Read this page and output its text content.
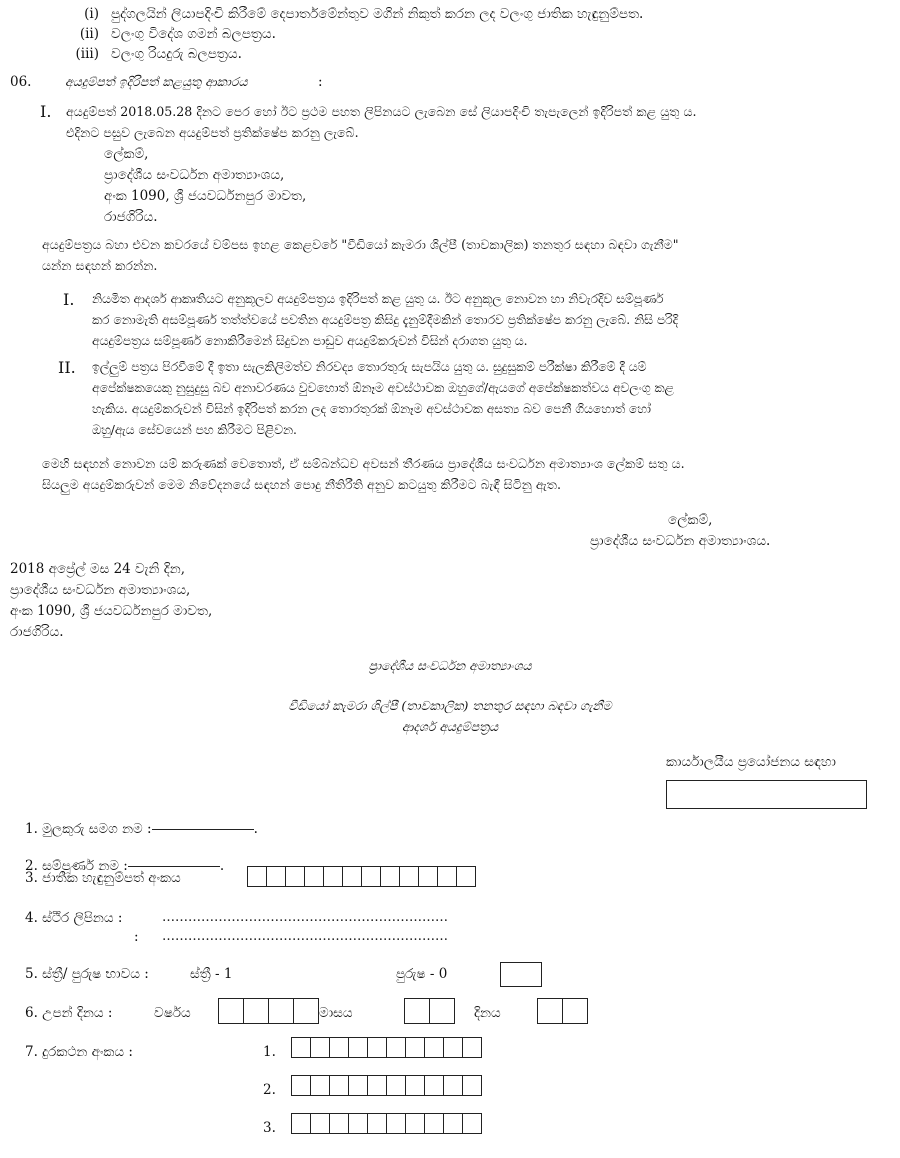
(i) පුද්ගලයින් ලියාපදිංචි කිරීමේ දෙපාර්තමේන්තුව මගින් නිකුත් කරන ලද වලංගු ජාතික හැඳුනුම්පත.
(ii) වලංගු විදේශ ගමන් බලපත්‍රය.
(iii) වලංගු රියදුරු බලපත්‍රය.
06.	අයදුම්පත් ඉදිරිපත් කළයුතු ආකාරය	:
I. අයදුම්පත් 2018.05.28 දිනට පෙර හෝ ඊට ප්‍රථම පහත ලිපිනයට ලැබෙන සේ ලියාපදිංචි තැපැලෙන් ඉදිරිපත් කළ යුතු ය.
එදිනට පසුව ලැබෙන අයදුම්පත් ප්‍රතික්ෂේප කරනු ලැබේ.
ලේකම්,
ප්‍රාදේශීය සංවර්ධන අමාත්‍යාංශය,
අංක 1090, ශ්‍රී ජයවර්ධනපුර මාවත,
රාජගිරිය.
අයදුම්පත්‍රය බහා එවන කවරයේ වම්පස ඉහළ කෙළවරේ "වීඩියෝ කැමරා ශිල්පී (තාවකාලික) තනතුර සඳහා බඳවා ගැනීම"
යන්න සඳහන් කරන්න.
I. නියමිත ආදර්ශ ආකෘතියට අනුකූලව අයදුම්පත්‍රය ඉදිරිපත් කළ යුතු ය. ඊට අනුකූල නොවන හා නිවැරදිව සම්පූර්ණ
කර නොමැති අසම්පූර්ණ තත්ත්වයේ පවතින අයදුම්පත්‍ර කිසිදු දැනුම්දීමකින් තොරව ප්‍රතික්ෂේප කරනු ලැබේ. නිසි පරිදි
අයදුම්පත්‍රය සම්පූර්ණ නොකිරීමෙන් සිදුවන පාඩුව අයදුම්කරුවන් විසින් දරාගත යුතු ය.
II. ඉල්ලුම් පත්‍රය පිරවීමේ දී ඉතා සැලකිලිමත්ව නිරවද්‍ය තොරතුරු සැපයිය යුතු ය. සුදුසුකම් පරීක්ෂා කිරීමේ දී යම්
අපේක්ෂකයෙකු නුසුදුසු බව අනාවරණය වුවහොත් ඕනෑම අවස්ථාවක ඔහුගේ/ඇයගේ අපේක්ෂකත්වය අවලංගු කළ
හැකිය. අයදුම්කරුවන් විසින් ඉදිරිපත් කරන ලද තොරතුරක් ඕනෑම අවස්ථාවක අසත්‍ය බව පෙනී ගියහොත් හෝ
ඔහු/ඇය සේවයෙන් පහ කිරීමට පිළිවන.
මෙහි සඳහන් නොවන යම් කරුණක් වෙතොත්, ඒ සම්බන්ධව අවසන් තීරණය ප්‍රාදේශීය සංවර්ධන අමාත්‍යාංශ ලේකම් සතු ය.
සියලුම අයදුම්කරුවන් මෙම නිවේදනයේ සඳහන් පොදු නීතිරීති අනුව කටයුතු කිරීමට බැඳී සිටිනු ඇත.
ලේකම්,
ප්‍රාදේශීය සංවර්ධන අමාත්‍යාංශය.
2018 අප්‍රේල් මස 24 වැනි දින,
ප්‍රාදේශීය සංවර්ධන අමාත්‍යාංශය,
අංක 1090, ශ්‍රී ජයවර්ධනපුර මාවත,
රාජගිරිය.
ප්‍රාදේශීය සංවර්ධන අමාත්‍යාංශය
වීඩියෝ කැමරා ශිල්පී (තාවකාලික) තනතුර සඳහා බඳවා ගැනීම
ආදර්ශ අයදුම්පත්‍රය
කාර්යාලයීය ප්‍රයෝජනය සඳහා
1. මුලකුරු සමග නම :	.
2. සම්පූර්ණ නම :	.
3. ජාතික හැඳුනුම්පත් අංකය
4. ස්ථිර ලිපිනය :	…………………………………………………………
: …………………………………………………………
5. ස්ත්‍රී/ පුරුෂ භාවය :	ස්ත්‍රී - 1	පුරුෂ - 0
6. උපන් දිනය :	වර්ෂය	මාසය	දිනය
7. දුරකථන අංකය :	1.
2.
3.
